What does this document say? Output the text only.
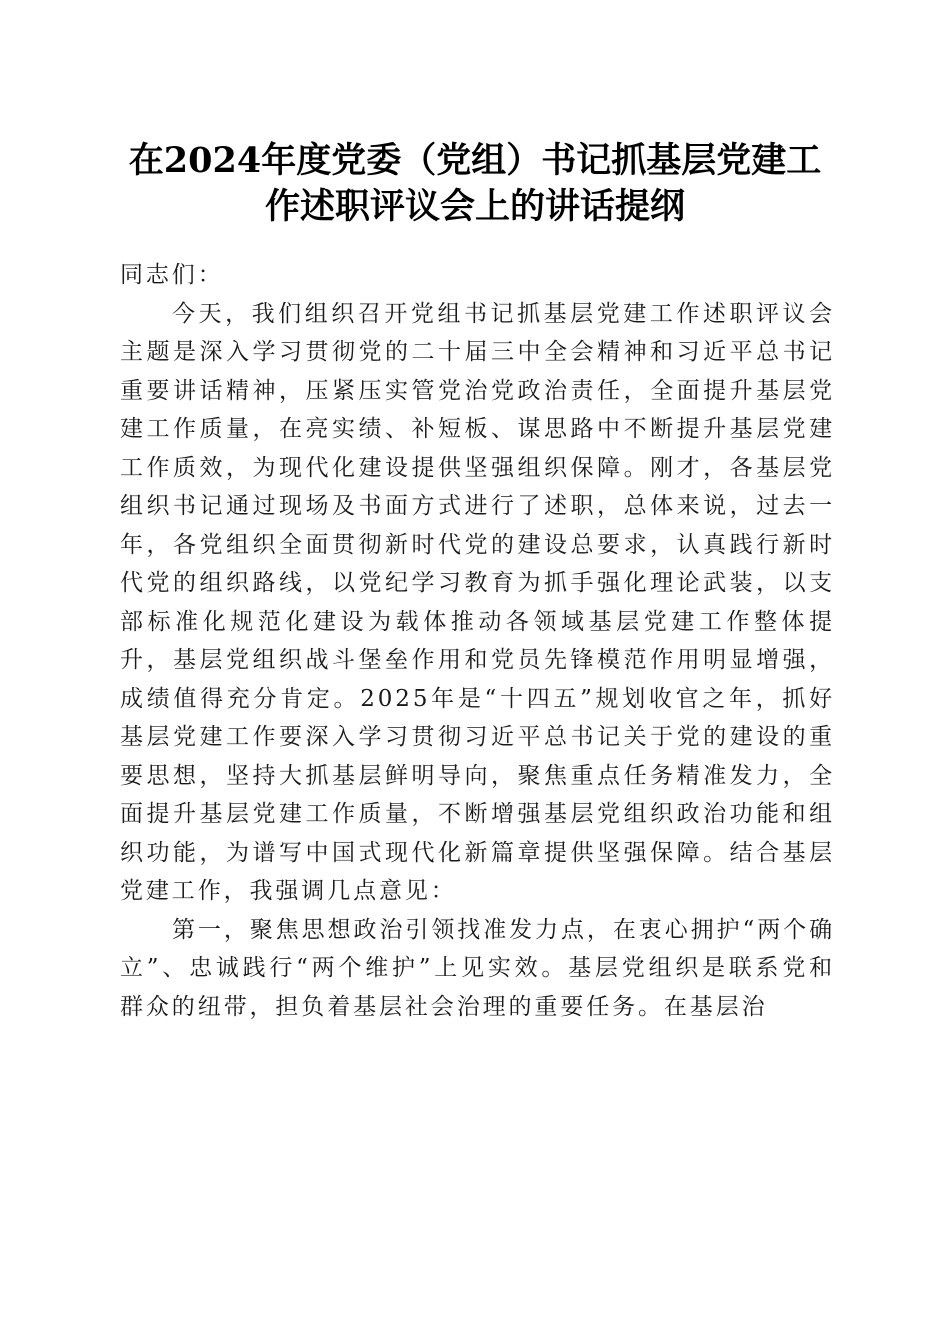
在2024年度党委（党组）书记抓基层党建工
作述职评议会上的讲话提纲

同志们：

今天，我们组织召开党组书记抓基层党建工作述职评议会主题是深入学习贯彻党的二十届三中全会精神和习近平总书记重要讲话精神，压紧压实管党治党政治责任，全面提升基层党建工作质量，在亮实绩、补短板、谋思路中不断提升基层党建工作质效，为现代化建设提供坚强组织保障。刚才，各基层党组织书记通过现场及书面方式进行了述职，总体来说，过去一年，各党组织全面贯彻新时代党的建设总要求，认真践行新时代党的组织路线，以党纪学习教育为抓手强化理论武装，以支部标准化规范化建设为载体推动各领域基层党建工作整体提升，基层党组织战斗堡垒作用和党员先锋模范作用明显增强，成绩值得充分肯定。2025年是“十四五”规划收官之年，抓好基层党建工作要深入学习贯彻习近平总书记关于党的建设的重要思想，坚持大抓基层鲜明导向，聚焦重点任务精准发力，全面提升基层党建工作质量，不断增强基层党组织政治功能和组织功能，为谱写中国式现代化新篇章提供坚强保障。结合基层党建工作，我强调几点意见：

第一，聚焦思想政治引领找准发力点，在衷心拥护“两个确立”、忠诚践行“两个维护”上见实效。基层党组织是联系党和群众的纽带，担负着基层社会治理的重要任务。在基层治
